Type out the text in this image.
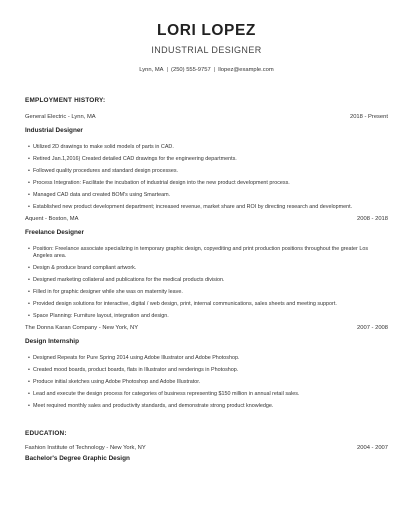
LORI LOPEZ
INDUSTRIAL DESIGNER
Lynn, MA | (250) 555-9757 | llopez@example.com
EMPLOYMENT HISTORY:
General Electric - Lynn, MA	2018 - Present
Industrial Designer
• Utilized 2D drawings to make solid models of parts in CAD.
• Retired Jan.1,2016) Created detailed CAD drawings for the engineering departments.
• Followed quality procedures and standard design processes.
• Process Integration: Facilitate the incubation of industrial design into the new product development process.
• Managed CAD data and created BOM's using Smarteam.
• Established new product development department; increased revenue, market share and ROI by directing research and development.
Aquent - Boston, MA	2008 - 2018
Freelance Designer
• Position: Freelance associate specializing in temporary graphic design, copyediting and print production positions throughout the greater Los Angeles area.
• Design & produce brand compliant artwork.
• Designed marketing collateral and publications for the medical products division.
• Filled in for graphic designer while she was on maternity leave.
• Provided design solutions for interactive, digital / web design, print, internal communications, sales sheets and meeting support.
• Space Planning: Furniture layout, integration and design.
The Donna Karan Company - New York, NY	2007 - 2008
Design Internship
• Designed Repeats for Pure Spring 2014 using Adobe Illustrator and Adobe Photoshop.
• Created mood boards, product boards, flats in Illustrator and renderings in Photoshop.
• Produce initial sketches using Adobe Photoshop and Adobe Illustrator.
• Lead and execute the design process for categories of business representing $150 million in annual retail sales.
• Meet required monthly sales and productivity standards, and demonstrate strong product knowledge.
EDUCATION:
Fashion Institute of Technology - New York, NY	2004 - 2007
Bachelor's Degree Graphic Design
